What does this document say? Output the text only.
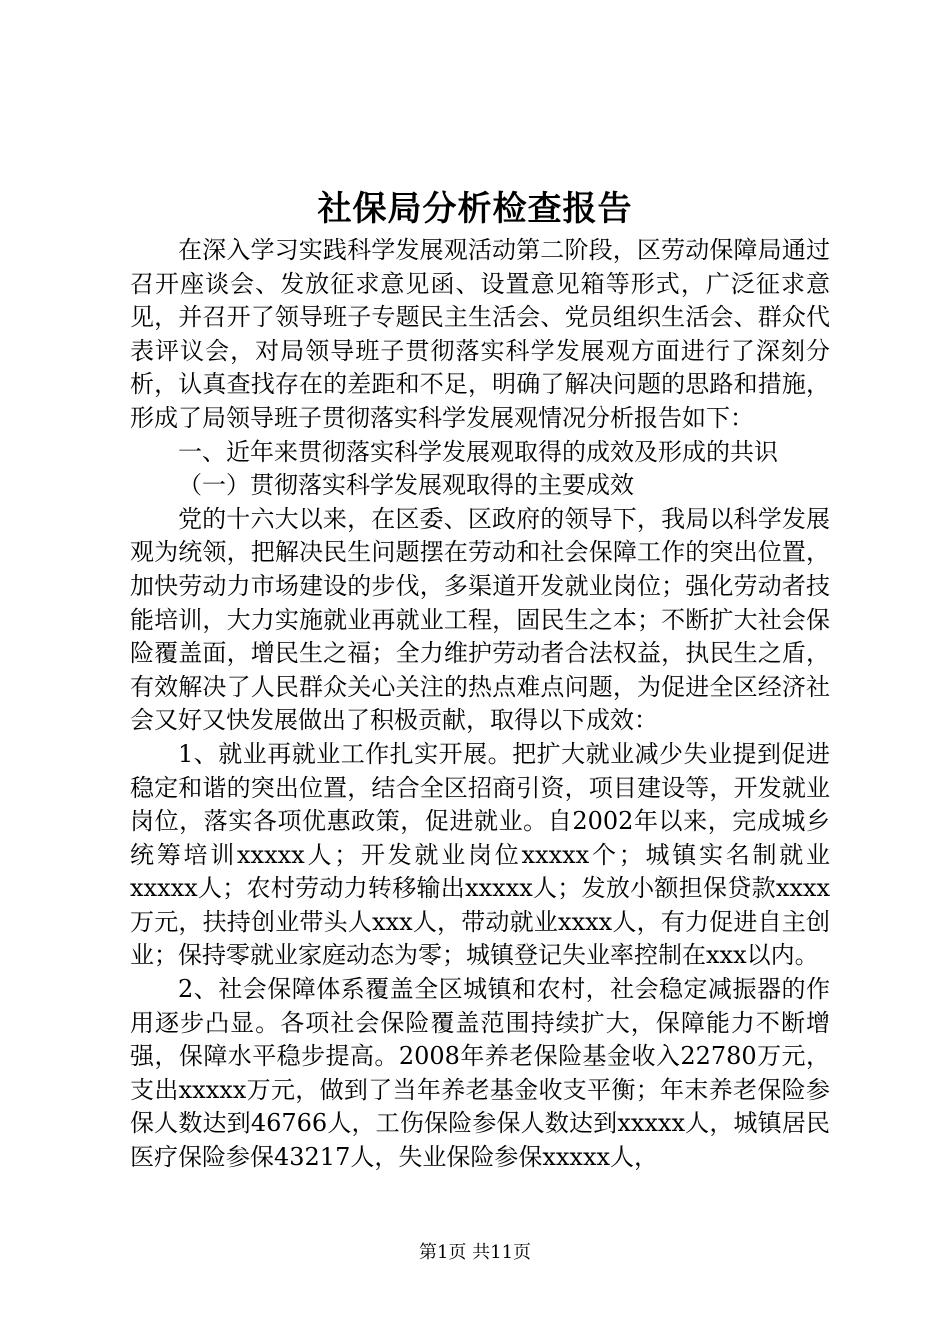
社保局分析检查报告

在深入学习实践科学发展观活动第二阶段，区劳动保障局通过召开座谈会、发放征求意见函、设置意见箱等形式，广泛征求意见，并召开了领导班子专题民主生活会、党员组织生活会、群众代表评议会，对局领导班子贯彻落实科学发展观方面进行了深刻分析，认真查找存在的差距和不足，明确了解决问题的思路和措施，形成了局领导班子贯彻落实科学发展观情况分析报告如下：

一、近年来贯彻落实科学发展观取得的成效及形成的共识

（一）贯彻落实科学发展观取得的主要成效

党的十六大以来，在区委、区政府的领导下，我局以科学发展观为统领，把解决民生问题摆在劳动和社会保障工作的突出位置，加快劳动力市场建设的步伐，多渠道开发就业岗位；强化劳动者技能培训，大力实施就业再就业工程，固民生之本；不断扩大社会保险覆盖面，增民生之福；全力维护劳动者合法权益，执民生之盾，有效解决了人民群众关心关注的热点难点问题，为促进全区经济社会又好又快发展做出了积极贡献，取得以下成效：

1、就业再就业工作扎实开展。把扩大就业减少失业提到促进稳定和谐的突出位置，结合全区招商引资，项目建设等，开发就业岗位，落实各项优惠政策，促进就业。自2002年以来，完成城乡统筹培训xxxxx人；开发就业岗位xxxxx个；城镇实名制就业xxxxx人；农村劳动力转移输出xxxxx人；发放小额担保贷款xxxx万元，扶持创业带头人xxx人，带动就业xxxx人，有力促进自主创业；保持零就业家庭动态为零；城镇登记失业率控制在xxx以内。

2、社会保障体系覆盖全区城镇和农村，社会稳定减振器的作用逐步凸显。各项社会保险覆盖范围持续扩大，保障能力不断增强，保障水平稳步提高。2008年养老保险基金收入22780万元，支出xxxxx万元，做到了当年养老基金收支平衡；年末养老保险参保人数达到46766人，工伤保险参保人数达到xxxxx人，城镇居民医疗保险参保43217人，失业保险参保xxxxx人，

第1页 共11页
